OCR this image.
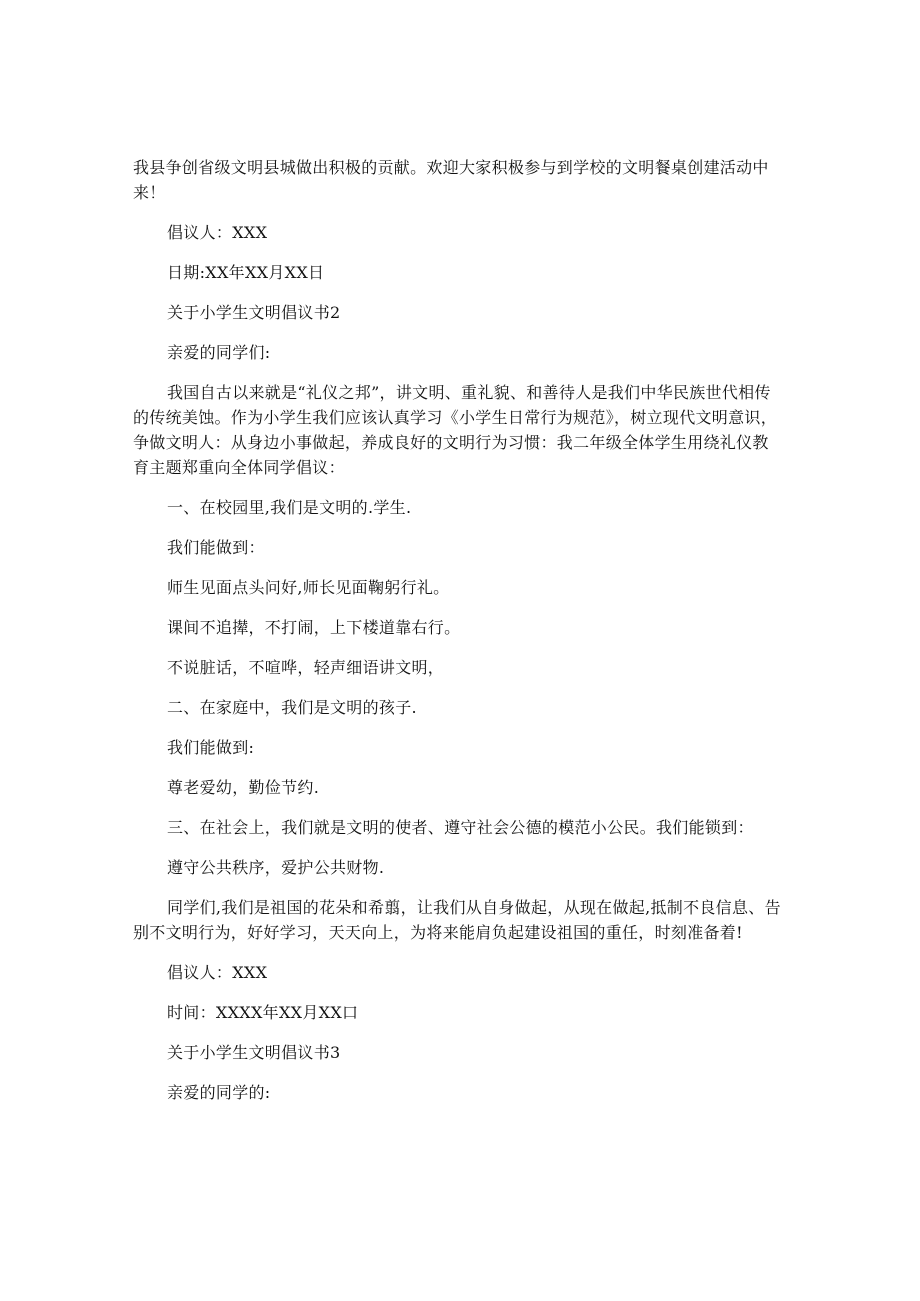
我县争创省级文明县城做出积极的贡献。欢迎大家积极参与到学校的文明餐桌创建活动中来！

倡议人：XXX

日期:XX年XX月XX日

关于小学生文明倡议书2

亲爱的同学们:

我国自古以来就是“礼仪之邦”，讲文明、重礼貌、和善待人是我们中华民族世代相传的传统美蚀。作为小学生我们应该认真学习《小学生日常行为规范》，树立现代文明意识，争做文明人：从身边小事做起，养成良好的文明行为习惯：我二年级全体学生用绕礼仪教育主题郑重向全体同学倡议：

一、在校园里,我们是文明的.学生.

我们能做到：

师生见面点头问好,师长见面鞠躬行礼。

课间不追撵，不打闹，上下楼道靠右行。

不说脏话，不喧哗，轻声细语讲文明，

二、在家庭中，我们是文明的孩子.

我们能做到:

尊老爱幼，勤俭节约.

三、在社会上，我们就是文明的使者、遵守社会公德的模范小公民。我们能锁到：

遵守公共秩序，爱护公共财物.

同学们,我们是祖国的花朵和希翦，让我们从自身做起，从现在做起,抵制不良信息、告别不文明行为，好好学习，天天向上，为将来能肩负起建设祖国的重任，时刻准备着!

倡议人：XXX

时间：XXXX年XX月XX口

关于小学生文明倡议书3

亲爱的同学的:
